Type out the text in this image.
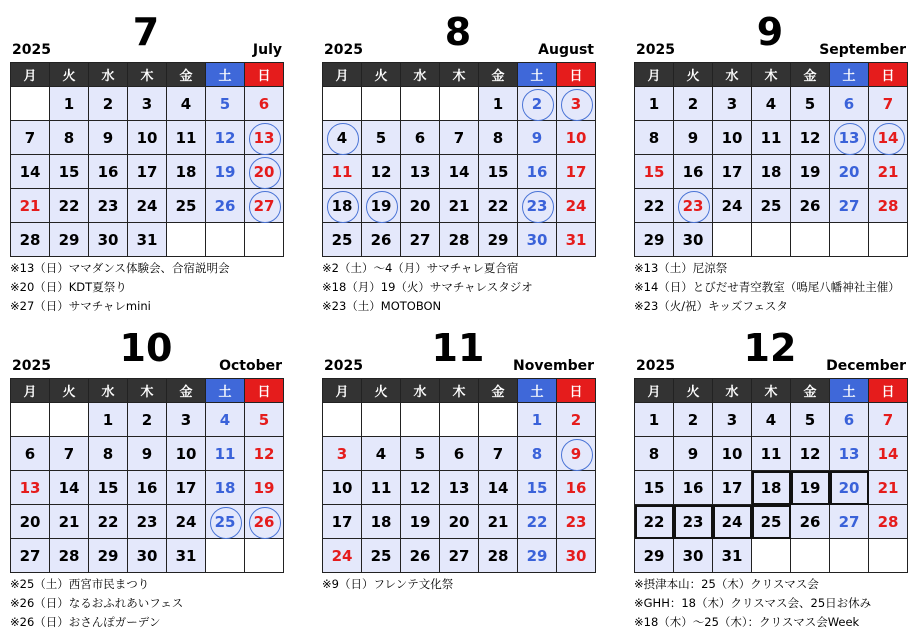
2025	7	July
月	火	水	木	金	土	日
	1	2	3	4	5	6
7	8	9	10	11	12	13
14	15	16	17	18	19	20
21	22	23	24	25	26	27
28	29	30	31			
※13（日）ママダンス体験会、合宿説明会
※20（日）KDT夏祭り
※27（日）サマチャレmini
2025	8	August
月	火	水	木	金	土	日
				1	2	3
4	5	6	7	8	9	10
11	12	13	14	15	16	17
18	19	20	21	22	23	24
25	26	27	28	29	30	31
※2（土）～4（月）サマチャレ夏合宿
※18（月）19（火）サマチャレスタジオ
※23（土）MOTOBON
2025	9	September
月	火	水	木	金	土	日
1	2	3	4	5	6	7
8	9	10	11	12	13	14
15	16	17	18	19	20	21
22	23	24	25	26	27	28
29	30					
※13（土）尼涼祭
※14（日）とびだせ青空教室（鳴尾八幡神社主催）
※23（火/祝）キッズフェスタ
2025	10	October
月	火	水	木	金	土	日
		1	2	3	4	5
6	7	8	9	10	11	12
13	14	15	16	17	18	19
20	21	22	23	24	25	26
27	28	29	30	31		
※25（土）西宮市民まつり
※26（日）なるおふれあいフェス
※26（日）おさんぽガーデン
2025	11	November
月	火	水	木	金	土	日
					1	2
3	4	5	6	7	8	9
10	11	12	13	14	15	16
17	18	19	20	21	22	23
24	25	26	27	28	29	30
※9（日）フレンテ文化祭
2025	12	December
月	火	水	木	金	土	日
1	2	3	4	5	6	7
8	9	10	11	12	13	14
15	16	17	18	19	20	21
22	23	24	25	26	27	28
29	30	31				
※摂津本山：25（木）クリスマス会
※GHH：18（木）クリスマス会、25日お休み
※18（木）～25（木）：クリスマス会Week
